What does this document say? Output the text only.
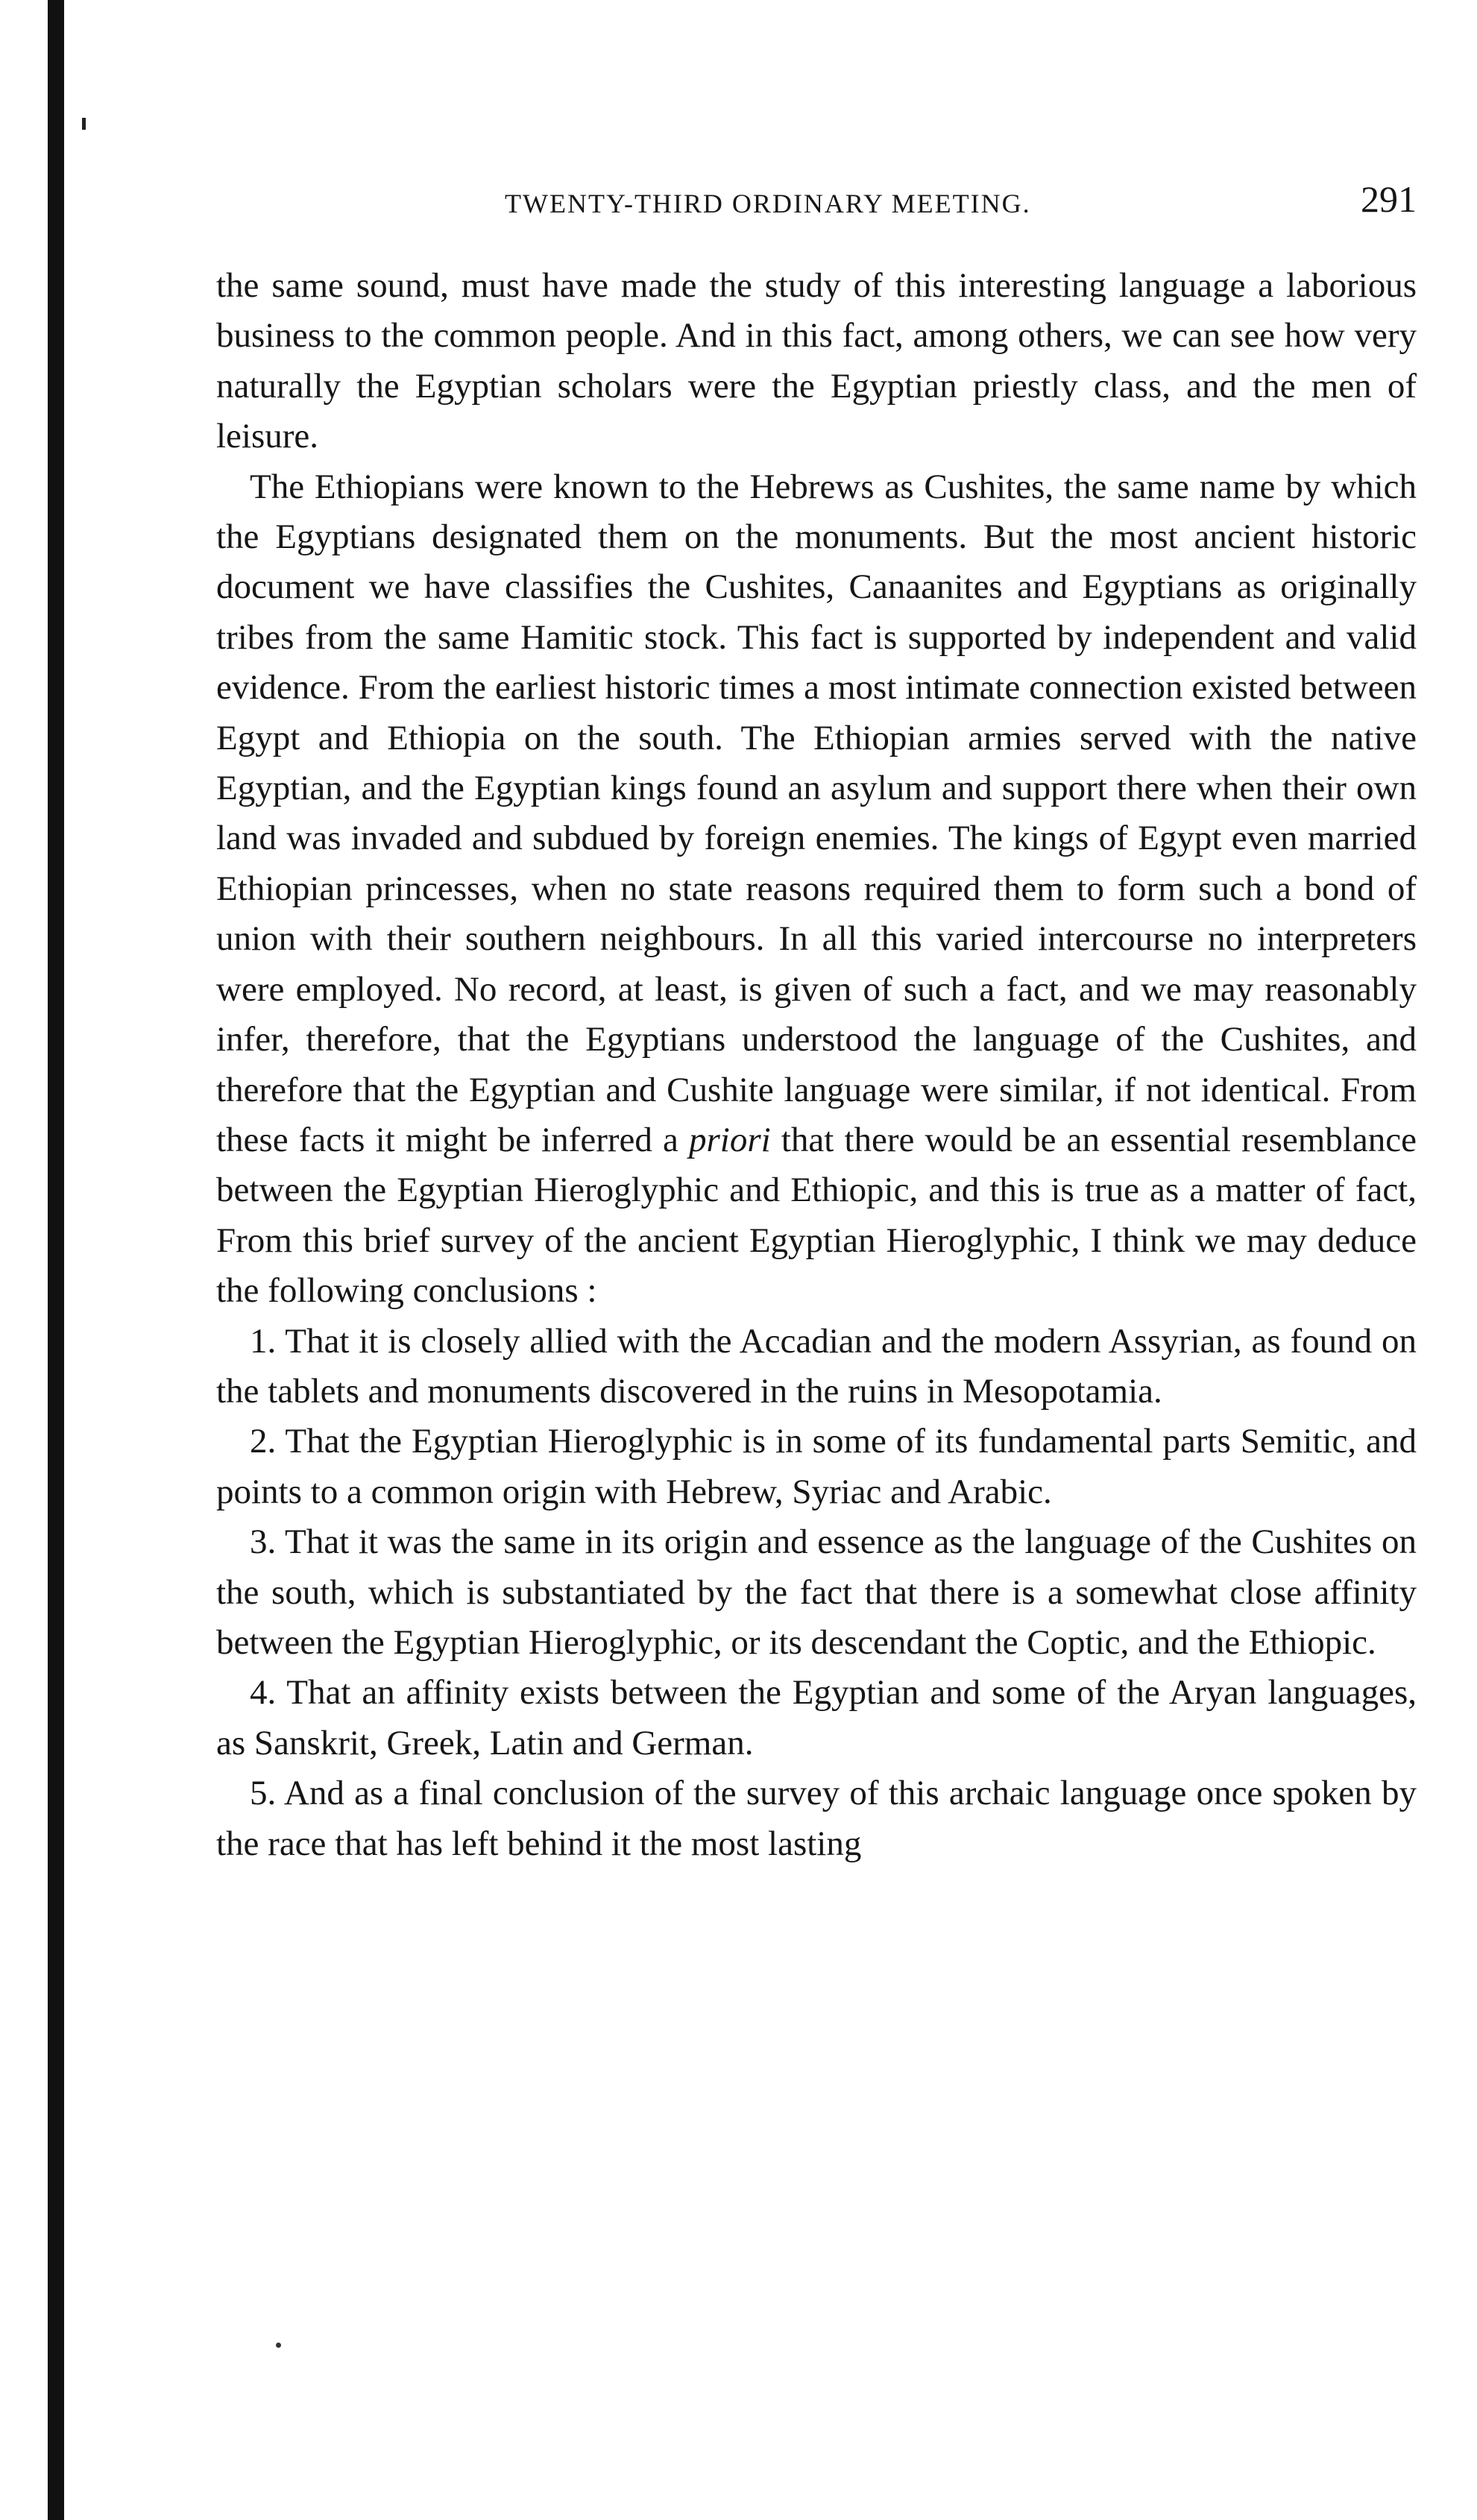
TWENTY-THIRD ORDINARY MEETING.	291

the same sound, must have made the study of this interesting language a laborious business to the common people. And in this fact, among others, we can see how very naturally the Egyptian scholars were the Egyptian priestly class, and the men of leisure.

The Ethiopians were known to the Hebrews as Cushites, the same name by which the Egyptians designated them on the monuments. But the most ancient historic document we have classifies the Cushites, Canaanites and Egyptians as originally tribes from the same Hamitic stock. This fact is supported by independent and valid evidence. From the earliest historic times a most intimate connection existed between Egypt and Ethiopia on the south. The Ethiopian armies served with the native Egyptian, and the Egyptian kings found an asylum and support there when their own land was invaded and subdued by foreign enemies. The kings of Egypt even married Ethiopian princesses, when no state reasons required them to form such a bond of union with their southern neighbours. In all this varied intercourse no interpreters were employed. No record, at least, is given of such a fact, and we may reasonably infer, therefore, that the Egyptians understood the language of the Cushites, and therefore that the Egyptian and Cushite language were similar, if not identical. From these facts it might be inferred a priori that there would be an essential resemblance between the Egyptian Hieroglyphic and Ethiopic, and this is true as a matter of fact, From this brief survey of the ancient Egyptian Hieroglyphic, I think we may deduce the following conclusions :

1. That it is closely allied with the Accadian and the modern Assyrian, as found on the tablets and monuments discovered in the ruins in Mesopotamia.

2. That the Egyptian Hieroglyphic is in some of its fundamental parts Semitic, and points to a common origin with Hebrew, Syriac and Arabic.

3. That it was the same in its origin and essence as the language of the Cushites on the south, which is substantiated by the fact that there is a somewhat close affinity between the Egyptian Hieroglyphic, or its descendant the Coptic, and the Ethiopic.

4. That an affinity exists between the Egyptian and some of the Aryan languages, as Sanskrit, Greek, Latin and German.

5. And as a final conclusion of the survey of this archaic language once spoken by the race that has left behind it the most lasting
